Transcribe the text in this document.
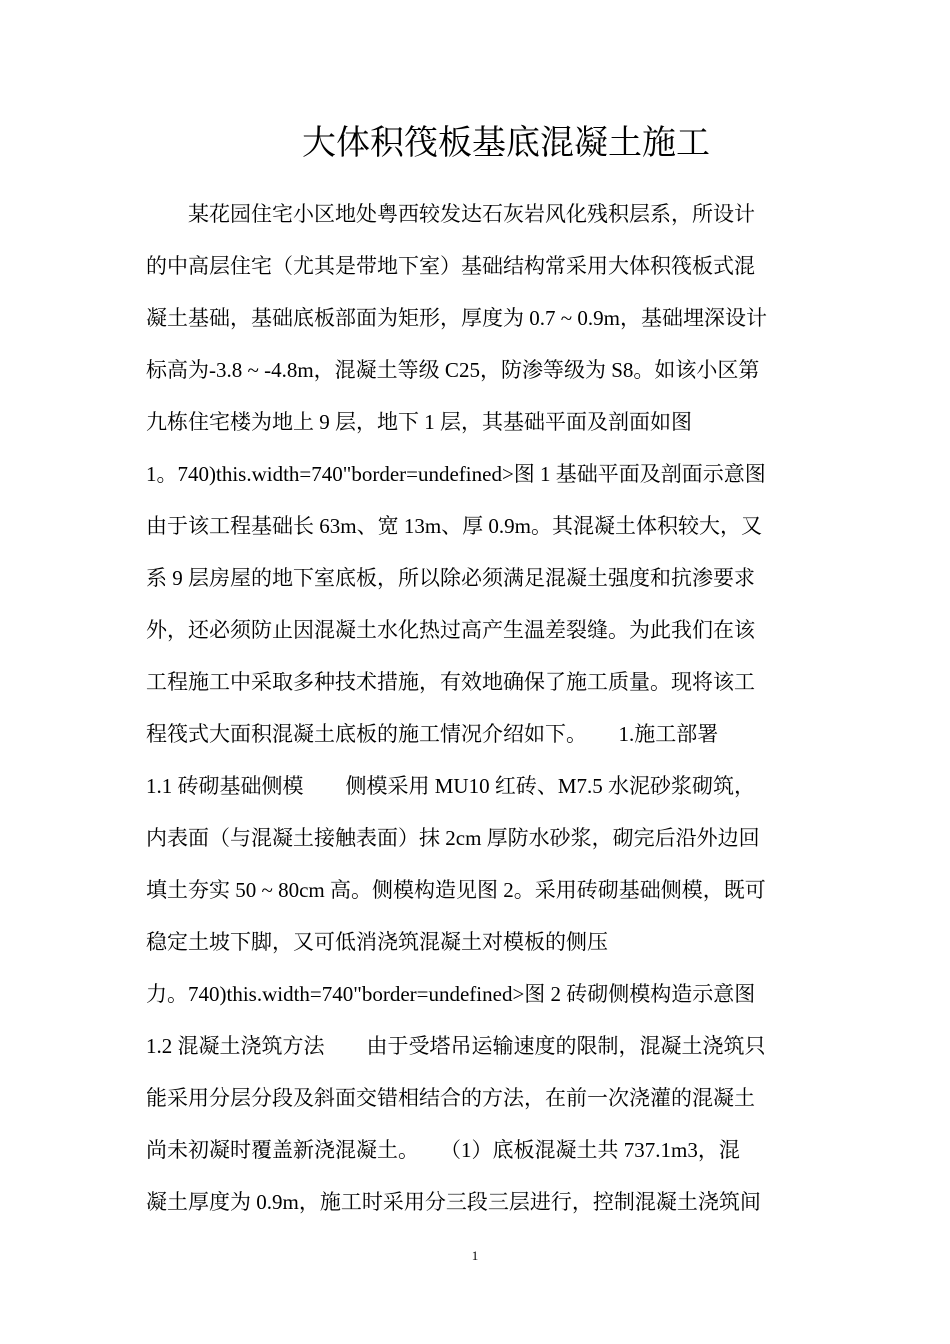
大体积筏板基底混凝土施工
某花园住宅小区地处粤西较发达石灰岩风化残积层系，所设计
的中高层住宅（尤其是带地下室）基础结构常采用大体积筏板式混
凝土基础，基础底板部面为矩形，厚度为 0.7 ~ 0.9m，基础埋深设计
标高为-3.8 ~ -4.8m，混凝土等级 C25，防渗等级为 S8。如该小区第
九栋住宅楼为地上 9 层，地下 1 层，其基础平面及剖面如图
1。740)this.width=740"border=undefined>图 1 基础平面及剖面示意图
由于该工程基础长 63m、宽 13m、厚 0.9m。其混凝土体积较大，又
系 9 层房屋的地下室底板，所以除必须满足混凝土强度和抗渗要求
外，还必须防止因混凝土水化热过高产生温差裂缝。为此我们在该
工程施工中采取多种技术措施，有效地确保了施工质量。现将该工
程筏式大面积混凝土底板的施工情况介绍如下。　　1.施工部署
1.1 砖砌基础侧模　　侧模采用 MU10 红砖、M7.5 水泥砂浆砌筑，
内表面（与混凝土接触表面）抹 2cm 厚防水砂浆，砌完后沿外边回
填土夯实 50 ~ 80cm 高。侧模构造见图 2。采用砖砌基础侧模，既可
稳定土坡下脚，又可低消浇筑混凝土对模板的侧压
力。740)this.width=740"border=undefined>图 2 砖砌侧模构造示意图
1.2 混凝土浇筑方法　　由于受塔吊运输速度的限制，混凝土浇筑只
能采用分层分段及斜面交错相结合的方法，在前一次浇灌的混凝土
尚未初凝时覆盖新浇混凝土。　　（1）底板混凝土共 737.1m3，混
凝土厚度为 0.9m，施工时采用分三段三层进行，控制混凝土浇筑间
1
